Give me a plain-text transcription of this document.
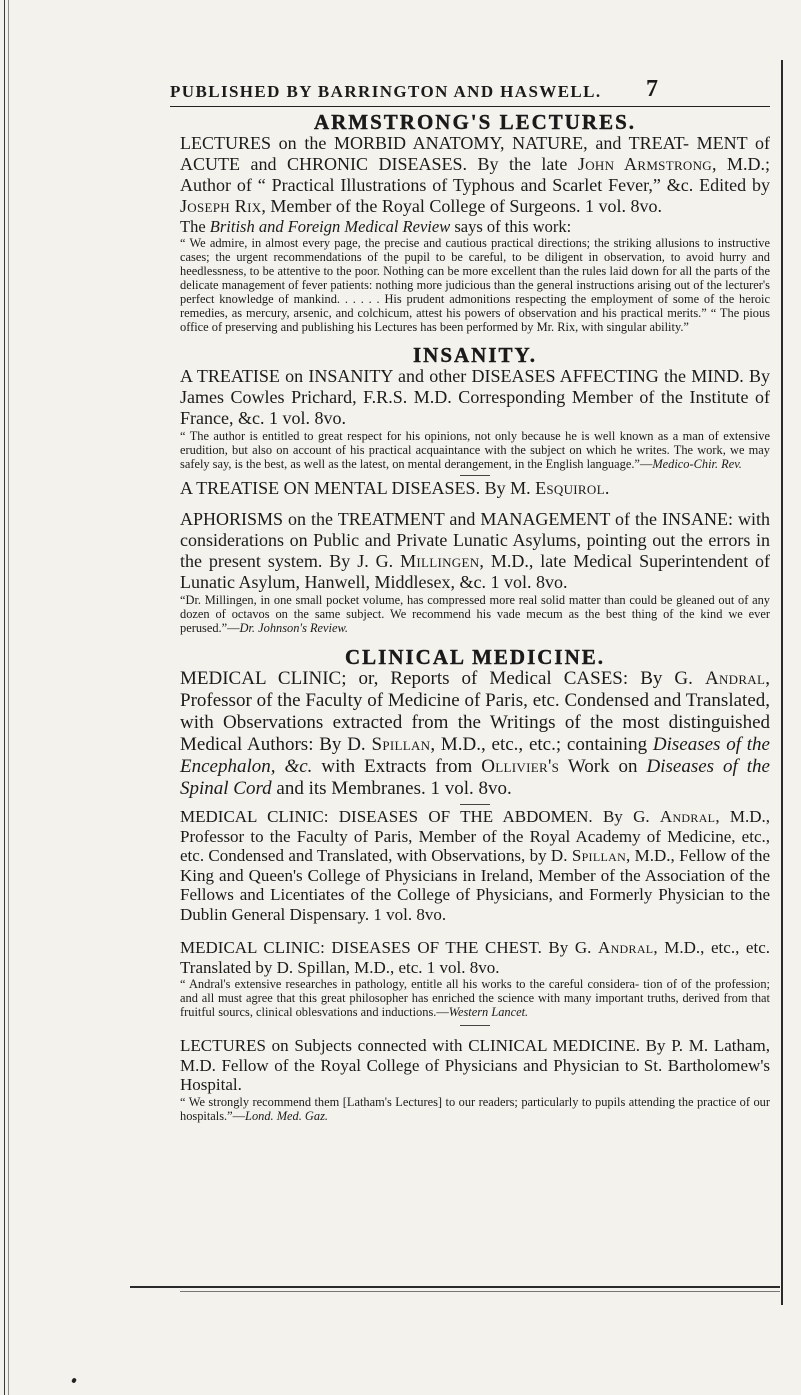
PUBLISHED BY BARRINGTON AND HASWELL. 7
ARMSTRONG'S LECTURES.

LECTURES on the MORBID ANATOMY, NATURE, and TREAT- MENT of ACUTE and CHRONIC DISEASES. By the late John Armstrong, M.D.; Author of “ Practical Illustrations of Typhous and Scarlet Fever,” &c. Edited by Joseph Rix, Member of the Royal College of Surgeons. 1 vol. 8vo.

The British and Foreign Medical Review says of this work:

“ We admire, in almost every page, the precise and cautious practical directions; the striking allusions to instructive cases; the urgent recommendations of the pupil to be careful, to be diligent in observation, to avoid hurry and heedlessness, to be attentive to the poor. Nothing can be more excellent than the rules laid down for all the parts of the delicate management of fever patients: nothing more judicious than the general instructions arising out of the lecturer's perfect knowledge of mankind. . . . . . His prudent admonitions respecting the employment of some of the heroic remedies, as mercury, arsenic, and colchicum, attest his powers of observation and his practical merits.” “ The pious office of preserving and publishing his Lectures has been performed by Mr. Rix, with singular ability.”

INSANITY.

A TREATISE on INSANITY and other DISEASES AFFECTING the MIND. By James Cowles Prichard, F.R.S. M.D. Corresponding Member of the Institute of France, &c. 1 vol. 8vo.

“ The author is entitled to great respect for his opinions, not only because he is well known as a man of extensive erudition, but also on account of his practical acquaintance with the subject on which he writes. The work, we may safely say, is the best, as well as the latest, on mental derangement, in the English language.”—Medico-Chir. Rev.

A TREATISE ON MENTAL DISEASES. By M. Esquirol.

APHORISMS on the TREATMENT and MANAGEMENT of the INSANE: with considerations on Public and Private Lunatic Asylums, pointing out the errors in the present system. By J. G. Millingen, M.D., late Medical Superintendent of Lunatic Asylum, Hanwell, Middlesex, &c. 1 vol. 8vo.

“Dr. Millingen, in one small pocket volume, has compressed more real solid matter than could be gleaned out of any dozen of octavos on the same subject. We recommend his vade mecum as the best thing of the kind we ever perused.”—Dr. Johnson's Review.

CLINICAL MEDICINE.

MEDICAL CLINIC; or, Reports of Medical CASES: By G. Andral, Professor of the Faculty of Medicine of Paris, etc. Condensed and Translated, with Observations extracted from the Writings of the most distinguished Medical Authors: By D. Spillan, M.D., etc., etc.; containing Diseases of the Encephalon, &c. with Extracts from Ollivier's Work on Diseases of the Spinal Cord and its Membranes. 1 vol. 8vo.

MEDICAL CLINIC: DISEASES OF THE ABDOMEN. By G. Andral, M.D., Professor to the Faculty of Paris, Member of the Royal Academy of Medicine, etc., etc. Condensed and Translated, with Observations, by D. Spillan, M.D., Fellow of the King and Queen's College of Physicians in Ireland, Member of the Association of the Fellows and Licentiates of the College of Physicians, and Formerly Physician to the Dublin General Dispensary. 1 vol. 8vo.

MEDICAL CLINIC: DISEASES OF THE CHEST. By G. Andral, M.D., etc., etc. Translated by D. Spillan, M.D., etc. 1 vol. 8vo.

“ Andral's extensive researches in pathology, entitle all his works to the careful considera- tion of of the profession; and all must agree that this great philosopher has enriched the science with many important truths, derived from that fruitful sourcs, clinical oblesvations and inductions.—Western Lancet.

LECTURES on Subjects connected with CLINICAL MEDICINE. By P. M. Latham, M.D. Fellow of the Royal College of Physicians and Physician to St. Bartholomew's Hospital.

“ We strongly recommend them [Latham's Lectures] to our readers; particularly to pupils attending the practice of our hospitals.”—Lond. Med. Gaz.
